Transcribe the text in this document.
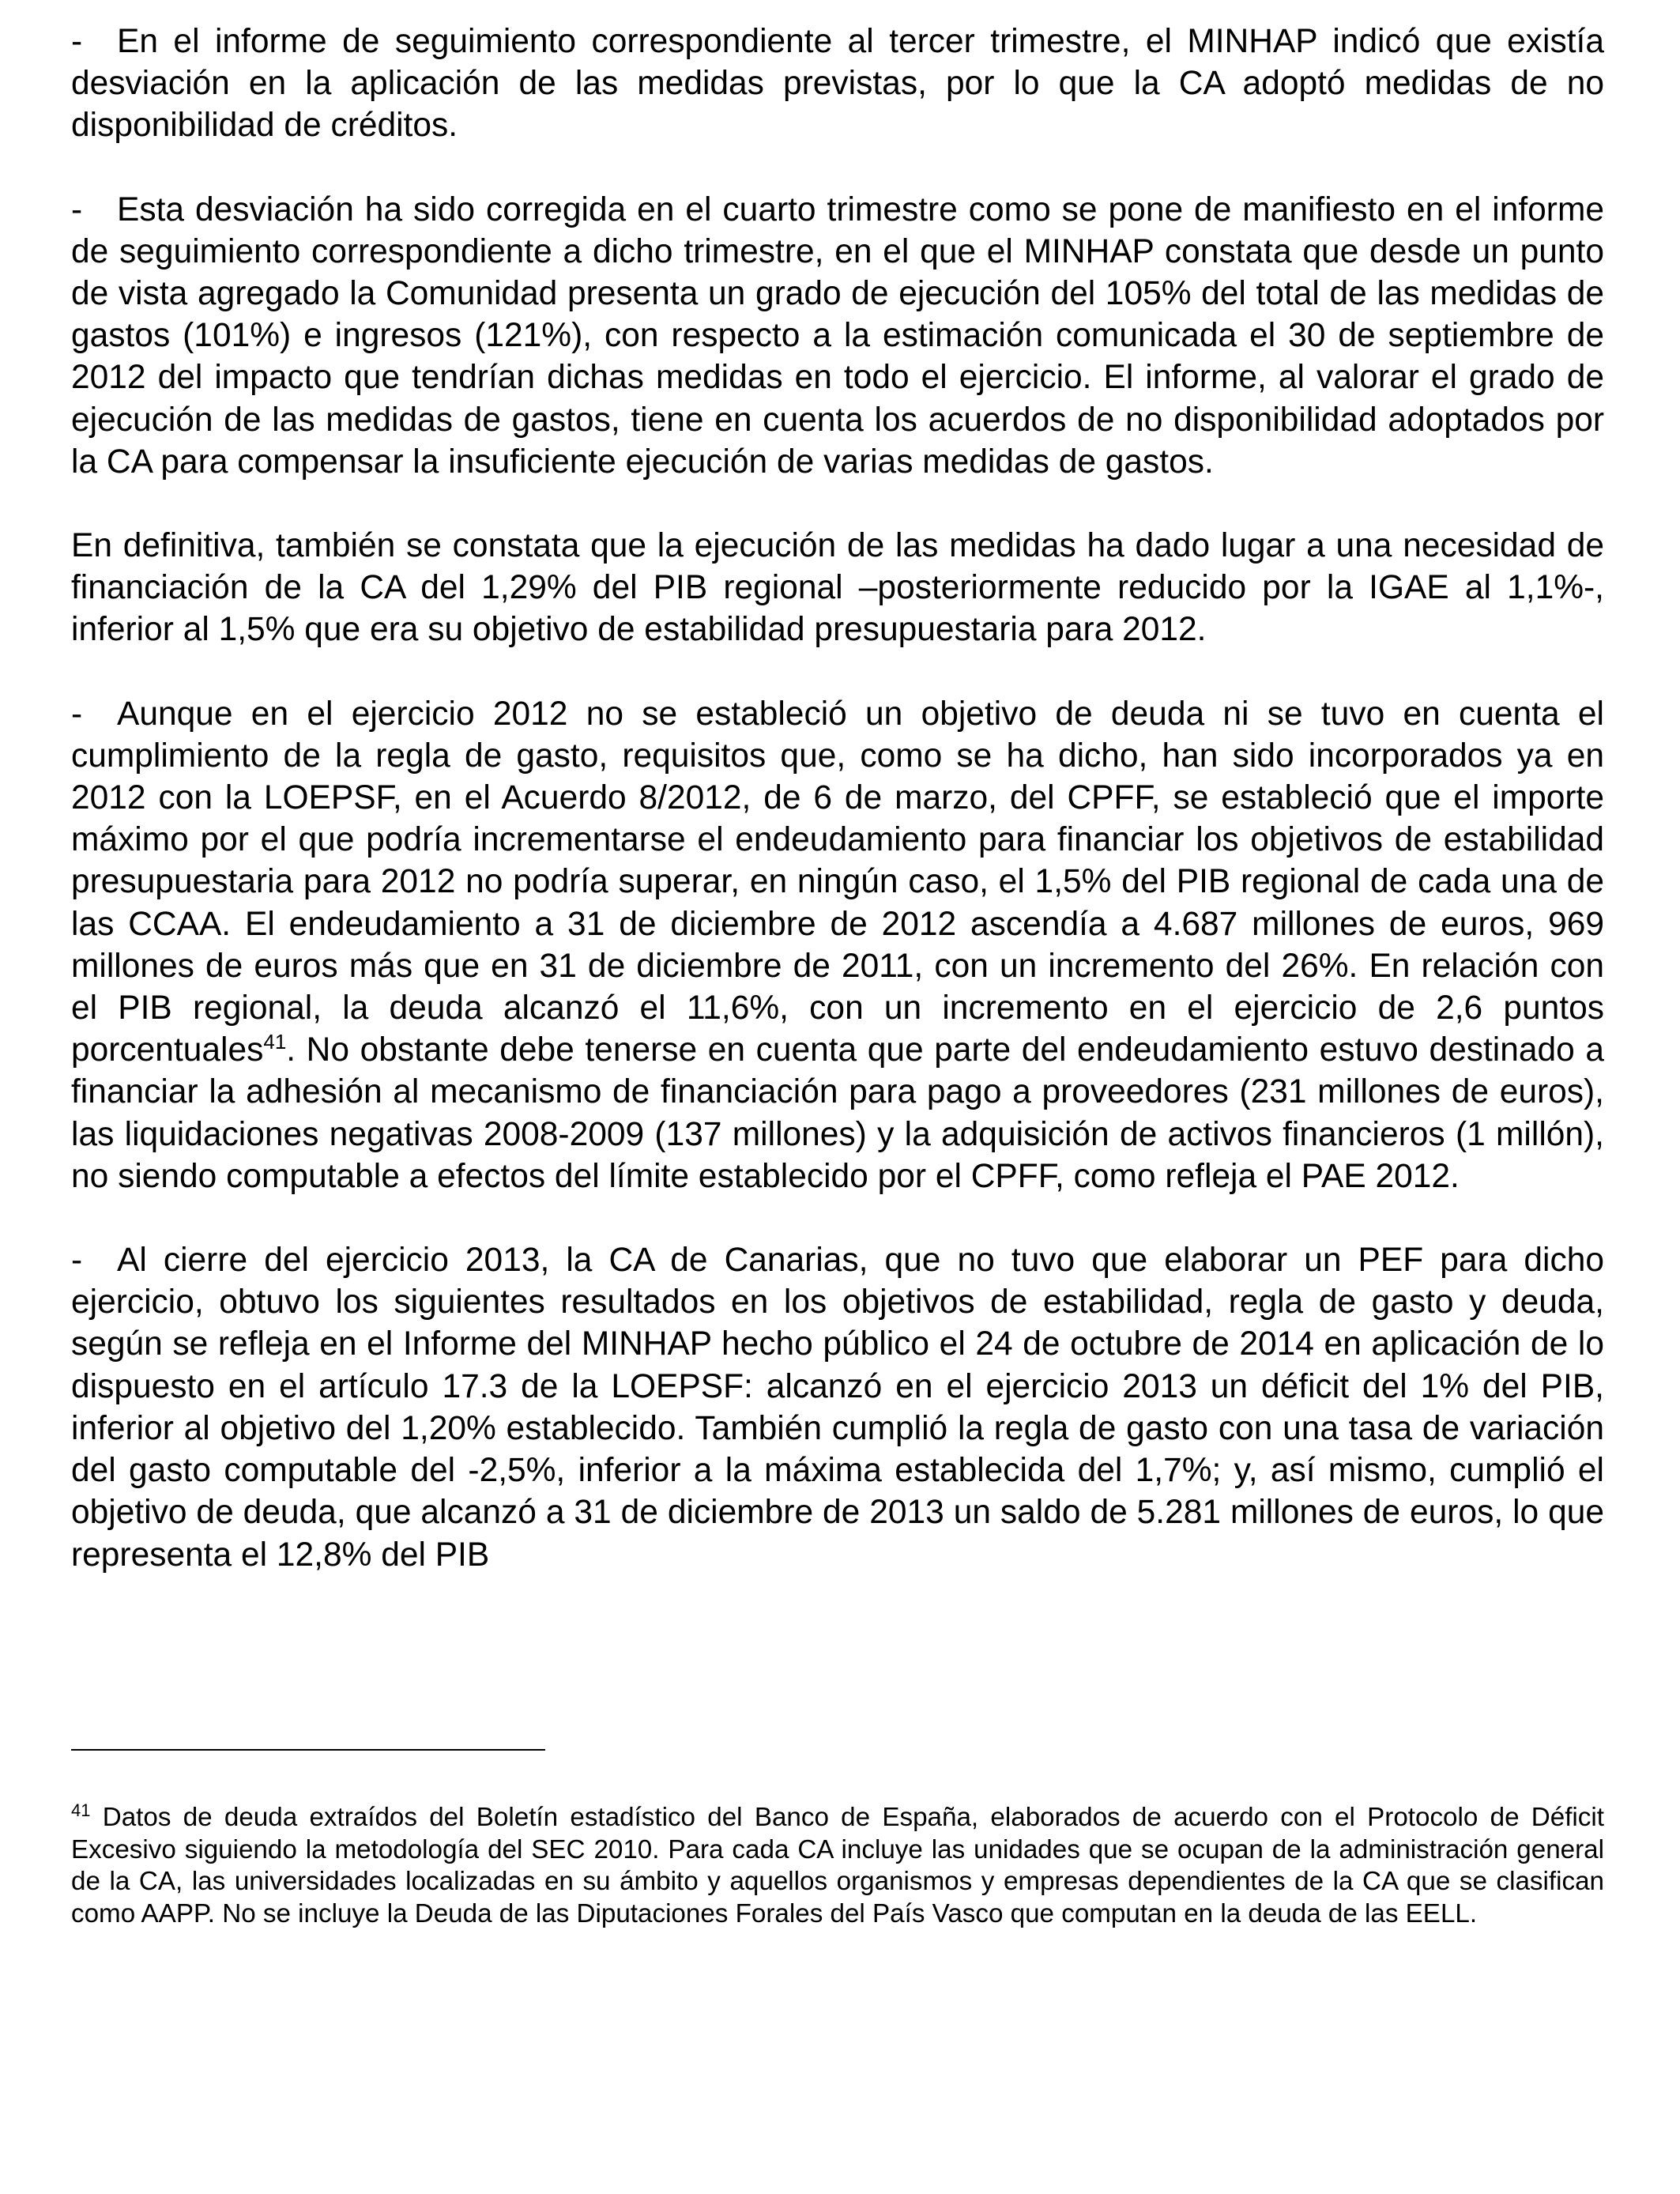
- En el informe de seguimiento correspondiente al tercer trimestre, el MINHAP indicó que existía desviación en la aplicación de las medidas previstas, por lo que la CA adoptó medidas de no disponibilidad de créditos.

- Esta desviación ha sido corregida en el cuarto trimestre como se pone de manifiesto en el informe de seguimiento correspondiente a dicho trimestre, en el que el MINHAP constata que desde un punto de vista agregado la Comunidad presenta un grado de ejecución del 105% del total de las medidas de gastos (101%) e ingresos (121%), con respecto a la estimación comunicada el 30 de septiembre de 2012 del impacto que tendrían dichas medidas en todo el ejercicio. El informe, al valorar el grado de ejecución de las medidas de gastos, tiene en cuenta los acuerdos de no disponibilidad adoptados por la CA para compensar la insuficiente ejecución de varias medidas de gastos.

En definitiva, también se constata que la ejecución de las medidas ha dado lugar a una necesidad de financiación de la CA del 1,29% del PIB regional –posteriormente reducido por la IGAE al 1,1%-, inferior al 1,5% que era su objetivo de estabilidad presupuestaria para 2012.

- Aunque en el ejercicio 2012 no se estableció un objetivo de deuda ni se tuvo en cuenta el cumplimiento de la regla de gasto, requisitos que, como se ha dicho, han sido incorporados ya en 2012 con la LOEPSF, en el Acuerdo 8/2012, de 6 de marzo, del CPFF, se estableció que el importe máximo por el que podría incrementarse el endeudamiento para financiar los objetivos de estabilidad presupuestaria para 2012 no podría superar, en ningún caso, el 1,5% del PIB regional de cada una de las CCAA. El endeudamiento a 31 de diciembre de 2012 ascendía a 4.687 millones de euros, 969 millones de euros más que en 31 de diciembre de 2011, con un incremento del 26%. En relación con el PIB regional, la deuda alcanzó el 11,6%, con un incremento en el ejercicio de 2,6 puntos porcentuales$^{41}$. No obstante debe tenerse en cuenta que parte del endeudamiento estuvo destinado a financiar la adhesión al mecanismo de financiación para pago a proveedores (231 millones de euros), las liquidaciones negativas 2008-2009 (137 millones) y la adquisición de activos financieros (1 millón), no siendo computable a efectos del límite establecido por el CPFF, como refleja el PAE 2012.

- Al cierre del ejercicio 2013, la CA de Canarias, que no tuvo que elaborar un PEF para dicho ejercicio, obtuvo los siguientes resultados en los objetivos de estabilidad, regla de gasto y deuda, según se refleja en el Informe del MINHAP hecho público el 24 de octubre de 2014 en aplicación de lo dispuesto en el artículo 17.3 de la LOEPSF: alcanzó en el ejercicio 2013 un déficit del 1% del PIB, inferior al objetivo del 1,20% establecido. También cumplió la regla de gasto con una tasa de variación del gasto computable del -2,5%, inferior a la máxima establecida del 1,7%; y, así mismo, cumplió el objetivo de deuda, que alcanzó a 31 de diciembre de 2013 un saldo de 5.281 millones de euros, lo que representa el 12,8% del PIB

$^{41}$ Datos de deuda extraídos del Boletín estadístico del Banco de España, elaborados de acuerdo con el Protocolo de Déficit Excesivo siguiendo la metodología del SEC 2010. Para cada CA incluye las unidades que se ocupan de la administración general de la CA, las universidades localizadas en su ámbito y aquellos organismos y empresas dependientes de la CA que se clasifican como AAPP. No se incluye la Deuda de las Diputaciones Forales del País Vasco que computan en la deuda de las EELL.
